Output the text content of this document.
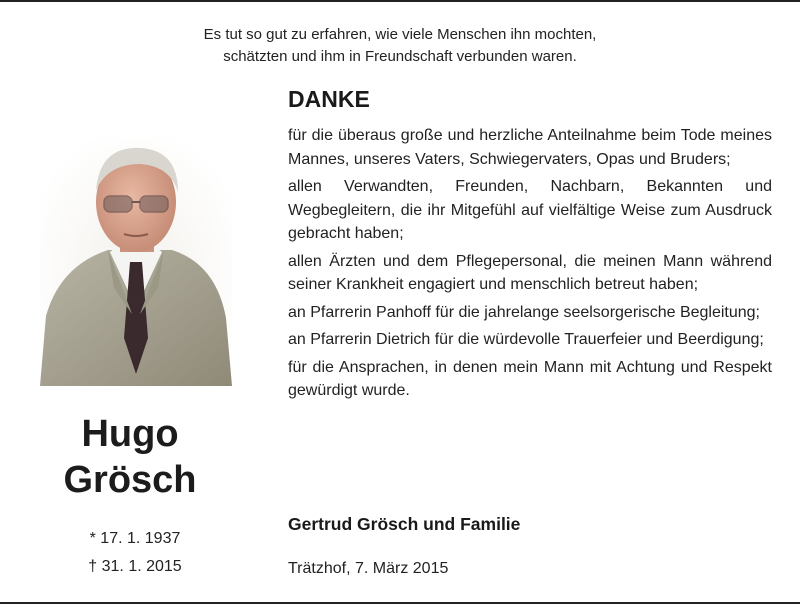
Es tut so gut zu erfahren, wie viele Menschen ihn mochten,
schätzten und ihm in Freundschaft verbunden waren.
Hugo
Grösch
* 17. 1. 1937
† 31. 1. 2015
DANKE

für die überaus große und herzliche Anteilnahme beim Tode meines Mannes, unseres Vaters, Schwiegervaters, Opas und Bruders;

allen Verwandten, Freunden, Nachbarn, Bekannten und Wegbegleitern, die ihr Mitgefühl auf vielfältige Weise zum Ausdruck gebracht haben;

allen Ärzten und dem Pflegepersonal, die meinen Mann während seiner Krankheit engagiert und menschlich betreut haben;

an Pfarrerin Panhoff für die jahrelange seelsorgerische Begleitung;

an Pfarrerin Dietrich für die würdevolle Trauerfeier und Beerdigung;

für die Ansprachen, in denen mein Mann mit Achtung und Respekt gewürdigt wurde.

Gertrud Grösch und Familie
Trätzhof, 7. März 2015
